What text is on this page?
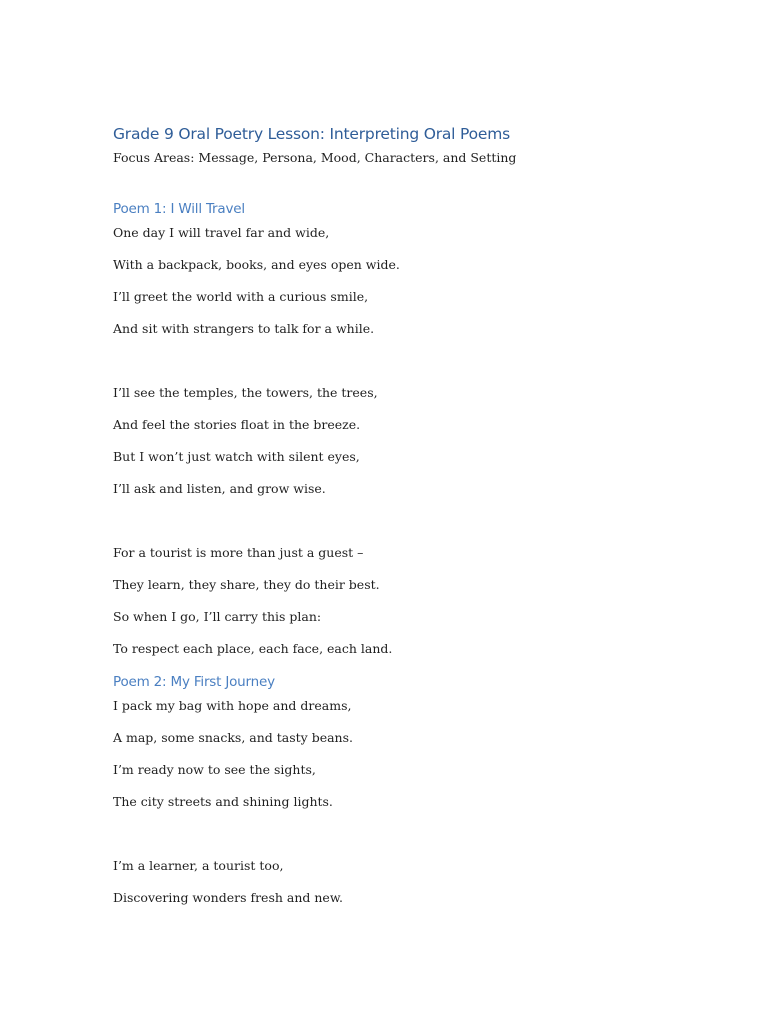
Grade 9 Oral Poetry Lesson: Interpreting Oral Poems

Focus Areas: Message, Persona, Mood, Characters, and Setting

Poem 1: I Will Travel

One day I will travel far and wide,

With a backpack, books, and eyes open wide.

I’ll greet the world with a curious smile,

And sit with strangers to talk for a while.

I’ll see the temples, the towers, the trees,

And feel the stories float in the breeze.

But I won’t just watch with silent eyes,

I’ll ask and listen, and grow wise.

For a tourist is more than just a guest –

They learn, they share, they do their best.

So when I go, I’ll carry this plan:

To respect each place, each face, each land.

Poem 2: My First Journey

I pack my bag with hope and dreams,

A map, some snacks, and tasty beans.

I’m ready now to see the sights,

The city streets and shining lights.

I’m a learner, a tourist too,

Discovering wonders fresh and new.
